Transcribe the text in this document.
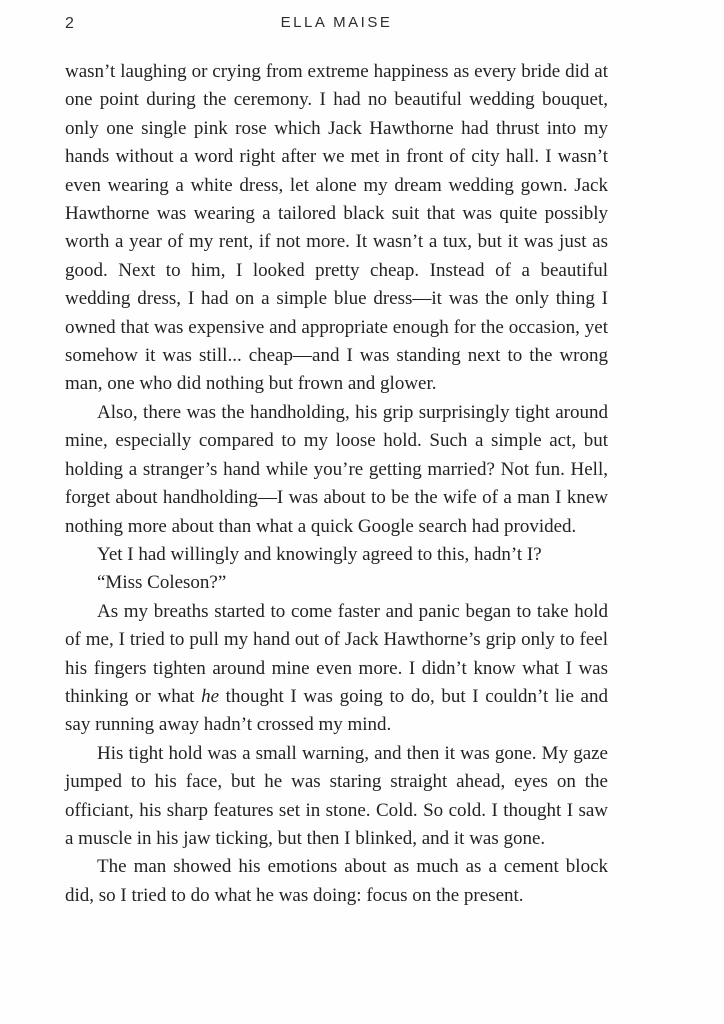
2	ELLA MAISE

wasn’t laughing or crying from extreme happiness as every bride did at one point during the ceremony. I had no beautiful wedding bouquet, only one single pink rose which Jack Hawthorne had thrust into my hands without a word right after we met in front of city hall. I wasn’t even wearing a white dress, let alone my dream wedding gown. Jack Hawthorne was wearing a tailored black suit that was quite possibly worth a year of my rent, if not more. It wasn’t a tux, but it was just as good. Next to him, I looked pretty cheap. Instead of a beautiful wedding dress, I had on a simple blue dress—it was the only thing I owned that was expensive and appropriate enough for the occasion, yet somehow it was still... cheap—and I was standing next to the wrong man, one who did nothing but frown and glower.

Also, there was the handholding, his grip surprisingly tight around mine, especially compared to my loose hold. Such a simple act, but holding a stranger’s hand while you’re getting married? Not fun. Hell, forget about handholding—I was about to be the wife of a man I knew nothing more about than what a quick Google search had provided.

Yet I had willingly and knowingly agreed to this, hadn’t I?

“Miss Coleson?”

As my breaths started to come faster and panic began to take hold of me, I tried to pull my hand out of Jack Hawthorne’s grip only to feel his fingers tighten around mine even more. I didn’t know what I was thinking or what he thought I was going to do, but I couldn’t lie and say running away hadn’t crossed my mind.

His tight hold was a small warning, and then it was gone. My gaze jumped to his face, but he was staring straight ahead, eyes on the officiant, his sharp features set in stone. Cold. So cold. I thought I saw a muscle in his jaw ticking, but then I blinked, and it was gone.

The man showed his emotions about as much as a cement block did, so I tried to do what he was doing: focus on the present.
